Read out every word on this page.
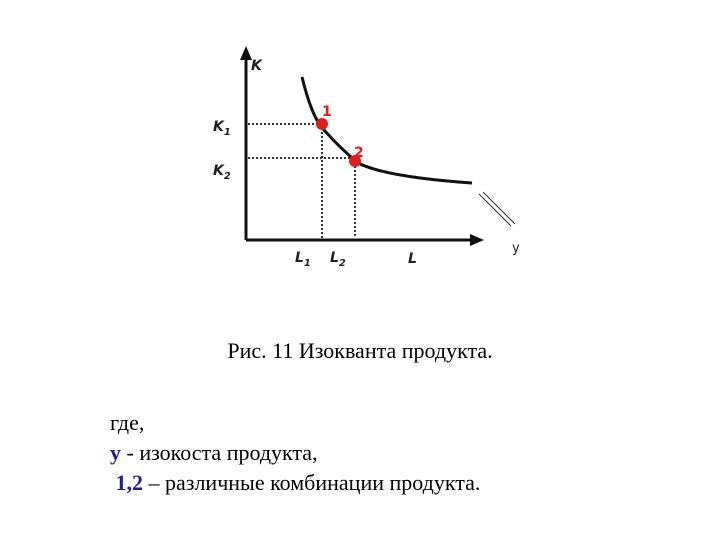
K
L
$K_1$
$K_2$
$L_1$ $L_2$
y
1
2

Рис. 11 Изокванта продукта.

где,
y - изокоста продукта,
1,2 – различные комбинации продукта.
